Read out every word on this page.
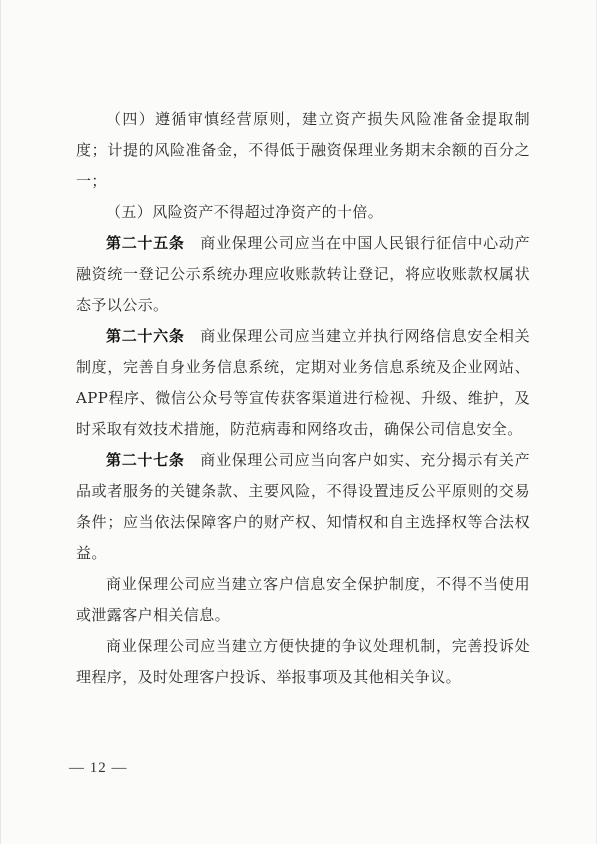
（四）遵循审慎经营原则，建立资产损失风险准备金提取制度；计提的风险准备金，不得低于融资保理业务期末余额的百分之一；

（五）风险资产不得超过净资产的十倍。

第二十五条　商业保理公司应当在中国人民银行征信中心动产融资统一登记公示系统办理应收账款转让登记，将应收账款权属状态予以公示。

第二十六条　商业保理公司应当建立并执行网络信息安全相关制度，完善自身业务信息系统，定期对业务信息系统及企业网站、APP程序、微信公众号等宣传获客渠道进行检视、升级、维护，及时采取有效技术措施，防范病毒和网络攻击，确保公司信息安全。

第二十七条　商业保理公司应当向客户如实、充分揭示有关产品或者服务的关键条款、主要风险，不得设置违反公平原则的交易条件；应当依法保障客户的财产权、知情权和自主选择权等合法权益。

商业保理公司应当建立客户信息安全保护制度，不得不当使用或泄露客户相关信息。

商业保理公司应当建立方便快捷的争议处理机制，完善投诉处理程序，及时处理客户投诉、举报事项及其他相关争议。

— 12 —
